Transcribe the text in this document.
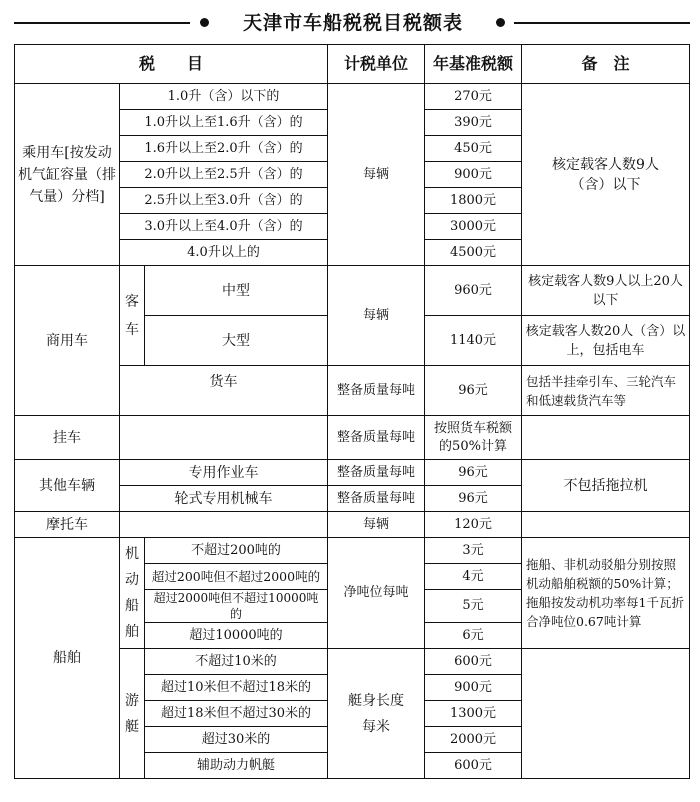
天津市车船税税目税额表
税　　目			计税单位	年基准税额	备　注
乘用车[按发动机气缸容量（排气量）分档]	1.0升（含）以下的		每辆	270元	核定载客人数9人（含）以下
	1.0升以上至1.6升（含）的			390元	
	1.6升以上至2.0升（含）的			450元	
	2.0升以上至2.5升（含）的			900元	
	2.5升以上至3.0升（含）的			1800元	
	3.0升以上至4.0升（含）的			3000元	
	4.0升以上的			4500元	
商用车	客车	中型	每辆	960元	核定载客人数9人以上20人以下
		大型		1140元	核定载客人数20人（含）以上，包括电车
	货车		整备质量每吨	96元	包括半挂牵引车、三轮汽车和低速载货汽车等
挂车			整备质量每吨	按照货车税额的50%计算	
其他车辆	专用作业车		整备质量每吨	96元	不包括拖拉机
	轮式专用机械车		整备质量每吨	96元	
摩托车			每辆	120元	
船舶	机动船舶	不超过200吨的	净吨位每吨	3元	拖船、非机动驳船分别按照机动船舶税额的50%计算；拖船按发动机功率每1千瓦折合净吨位0.67吨计算
		超过200吨但不超过2000吨的		4元	
		超过2000吨但不超过10000吨的		5元	
		超过10000吨的		6元	
	游艇	不超过10米的	艇身长度每米	600元	
		超过10米但不超过18米的		900元	
		超过18米但不超过30米的		1300元	
		超过30米的		2000元	
		辅助动力帆艇		600元	
